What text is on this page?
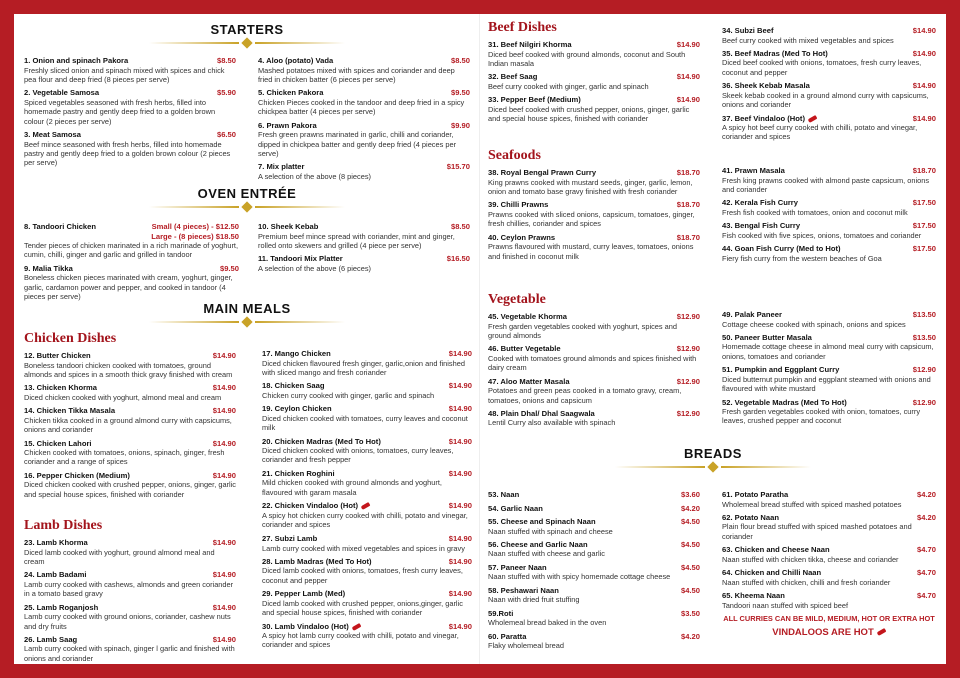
STARTERS
1. Onion and spinach Pakora	$8.50
Freshly sliced onion and spinach mixed with spices and chick pea flour and deep fried (8 pieces per serve)
2. Vegetable Samosa	$5.90
Spiced vegetables seasoned with fresh herbs, filled into homemade pastry and gently deep fried to a golden brown colour (2 pieces per serve)
3. Meat Samosa	$6.50
Beef mince seasoned with fresh herbs, filled into homemade pastry and gently deep fried to a golden brown colour (2 pieces per serve)
4. Aloo (potato) Vada	$8.50
Mashed potatoes mixed with spices and coriander and deep fried in chicken batter (6 pieces per serve)
5. Chicken Pakora	$9.50
Chicken Pieces cooked in the tandoor and deep fried in a spicy chickpea batter (4 pieces per serve)
6. Prawn Pakora	$9.90
Fresh green prawns marinated in garlic, chilli and coriander, dipped in chickpea batter and gently deep fried (4 pieces per serve)
7. Mix platter	$15.70
A selection of the above (8 pieces)
OVEN ENTRÉE
8. Tandoori Chicken	Small (4 pieces) - $12.50
Large - (8 pieces) $18.50
Tender pieces of chicken marinated in a rich marinade of yoghurt, cumin, chilli, ginger and garlic and grilled in tandoor
9. Malia Tikka	$9.50
Boneless chicken pieces marinated with cream, yoghurt, ginger, garlic, cardamon power and pepper, and cooked in tandoor (4 pieces per serve)
10. Sheek Kebab	$8.50
Premium beef mince spread with coriander, mint and ginger, rolled onto skewers and grilled (4 piece per serve)
11. Tandoori Mix Platter	$16.50
A selection of the above (6 pieces)
MAIN MEALS
Chicken Dishes
12. Butter Chicken	$14.90
Boneless tandoori chicken cooked with tomatoes, ground almonds and spices in a smooth thick gravy finished with cream
13. Chicken Khorma	$14.90
Diced chicken cooked with yoghurt, almond meal and cream
14. Chicken Tikka Masala	$14.90
Chicken tikka cooked in a ground almond curry with capsicums, onions and coriander
15. Chicken Lahori	$14.90
Chicken cooked with tomatoes, onions, spinach, ginger, fresh coriander and a range of spices
16. Pepper Chicken (Medium)	$14.90
Diced chicken cooked with crushed pepper, onions, ginger, garlic and special house spices, finished with coriander
17. Mango Chicken	$14.90
Diced chicken flavoured fresh ginger, garlic,onion and finished with sliced mango and fresh coriander
18. Chicken Saag	$14.90
Chicken curry cooked with ginger, garlic and spinach
19. Ceylon Chicken	$14.90
Diced chicken cooked with tomatoes, curry leaves and coconut milk
20. Chicken Madras (Med To Hot)	$14.90
Diced chicken cooked with onions, tomatoes, curry leaves, coriander and fresh pepper
21. Chicken Roghini	$14.90
Mild chicken cooked with ground almonds and yoghurt, flavoured with garam masala
22. Chicken Vindaloo (Hot)	$14.90
A spicy hot chicken curry cooked with chilli, potato and vinegar, coriander and spices
Lamb Dishes
23. Lamb Khorma	$14.90
Diced lamb cooked with yoghurt, ground almond meal and cream
24. Lamb Badami	$14.90
Lamb curry cooked with cashews, almonds and green coriander in a tomato based gravy
25. Lamb Roganjosh	$14.90
Lamb curry cooked with ground onions, coriander, cashew nuts and dry fruits
26. Lamb Saag	$14.90
Lamb curry cooked with spinach, ginger l garlic and finished with onions and coriander
27. Subzi Lamb	$14.90
Lamb curry cooked with mixed vegetables and spices in gravy
28. Lamb Madras (Med To Hot)	$14.90
Diced lamb cooked with onions, tomatoes, fresh curry leaves, coconut and pepper
29. Pepper Lamb (Med)	$14.90
Diced lamb cooked with crushed pepper, onions,ginger, garlic and special house spices, finished with coriander
30. Lamb Vindaloo (Hot)	$14.90
A spicy hot lamb curry cooked with chilli, potato and vinegar, coriander and spices
Beef Dishes
31. Beef Nilgiri Khorma	$14.90
Diced beef cooked with ground almonds, coconut and South Indian masala
32. Beef Saag	$14.90
Beef curry cooked with ginger, garlic and spinach
33. Pepper Beef (Medium)	$14.90
Diced beef cooked with crushed pepper, onions, ginger, garlic and special house spices, finished with coriander
34. Subzi Beef	$14.90
Beef curry cooked with mixed vegetables and spices
35. Beef Madras (Med To Hot)	$14.90
Diced beef cooked with onions, tomatoes, fresh curry leaves, coconut and pepper
36. Sheek Kebab Masala	$14.90
Skeek kebab cooked in a ground almond curry with capsicums, onions and coriander
37. Beef Vindaloo (Hot)	$14.90
A spicy hot beef curry cooked with chilli, potato and vinegar, coriander and spices
Seafoods
38. Royal Bengal Prawn Curry	$18.70
King prawns cooked with mustard seeds, ginger, garlic, lemon, onion and tomato base gravy finished with fresh coriander
39. Chilli Prawns	$18.70
Prawns cooked with sliced onions, capsicum, tomatoes, ginger, fresh chillies, coriander and spices
40. Ceylon Prawns	$18.70
Prawns flavoured with mustard, curry leaves, tomatoes, onions and finished in coconut milk
41. Prawn Masala	$18.70
Fresh king prawns cooked with almond paste capsicum, onions and coriander
42. Kerala Fish Curry	$17.50
Fresh fish cooked with tomatoes, onion and coconut milk
43. Bengal Fish Curry	$17.50
Fish cooked with five spices, onions, tomatoes and coriander
44. Goan Fish Curry (Med to Hot)	$17.50
Fiery fish curry from the western beaches of Goa
Vegetable
45. Vegetable Khorma	$12.90
Fresh garden vegetables cooked with yoghurt, spices and ground almonds
46. Butter Vegetable	$12.90
Cooked with tomatoes ground almonds and spices finished with dairy cream
47. Aloo Matter Masala	$12.90
Potatoes and green peas cooked in a tomato gravy, cream, tomatoes, onions and capsicum
48. Plain Dhal/ Dhal Saagwala	$12.90
Lentil Curry also available with spinach
49. Palak Paneer	$13.50
Cottage cheese cooked with spinach, onions and spices
50. Paneer Butter Masala	$13.50
Homemade cottage cheese in almond meal curry with capsicum, onions, tomatoes and coriander
51. Pumpkin and Eggplant Curry	$12.90
Diced butternut pumpkin and eggplant steamed with onions and flavoured with white mustard
52. Vegetable Madras (Med To Hot)	$12.90
Fresh garden vegetables cooked with onion, tomatoes, curry leaves, crushed pepper and coconut
BREADS
53. Naan	$3.60
54. Garlic Naan	$4.20
55. Cheese and Spinach Naan	$4.50
Naan stuffed with spinach and cheese
56. Cheese and Garlic Naan	$4.50
Naan stuffed with cheese and garlic
57. Paneer Naan	$4.50
Naan stuffed with with spicy homemade cottage cheese
58. Peshawari Naan	$4.50
Naan with dried fruit stuffing
59.Roti	$3.50
Wholemeal bread baked in the oven
60. Paratta	$4.20
Flaky wholemeal bread
61. Potato Paratha	$4.20
Wholemeal bread stuffed with spiced mashed potatoes
62. Potato Naan	$4.20
Plain flour bread stuffed with spiced mashed potatoes and coriander
63. Chicken and Cheese Naan	$4.70
Naan stuffed with chicken tikka, cheese and coriander
64. Chicken and Chilli Naan	$4.70
Naan stuffed with chicken, chilli and fresh coriander
65. Kheema Naan	$4.70
Tandoori naan stuffed with spiced beef
ALL CURRIES CAN BE MILD, MEDIUM, HOT OR EXTRA HOT
VINDALOOS ARE HOT
